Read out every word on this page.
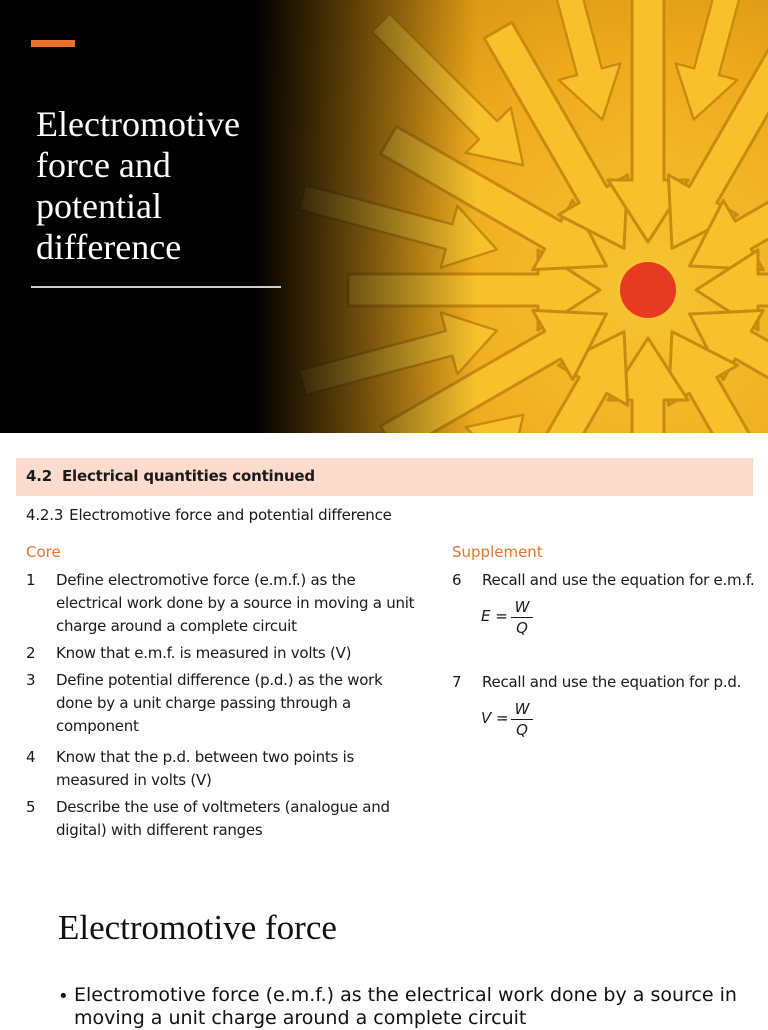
Electromotive
force and
potential
difference
4.2 Electrical quantities continued
4.2.3 Electromotive force and potential difference
Core	Supplement
1 Define electromotive force (e.m.f.) as the
electrical work done by a source in moving a unit
charge around a complete circuit
2 Know that e.m.f. is measured in volts (V)
3 Define potential difference (p.d.) as the work
done by a unit charge passing through a
component
4 Know that the p.d. between two points is
measured in volts (V)
5 Describe the use of voltmeters (analogue and
digital) with different ranges
6 Recall and use the equation for e.m.f.
E = W
Q
7 Recall and use the equation for p.d.
V = W
Q
Electromotive force
• Electromotive force (e.m.f.) as the electrical work done by a source in moving a unit charge around a complete circuit
